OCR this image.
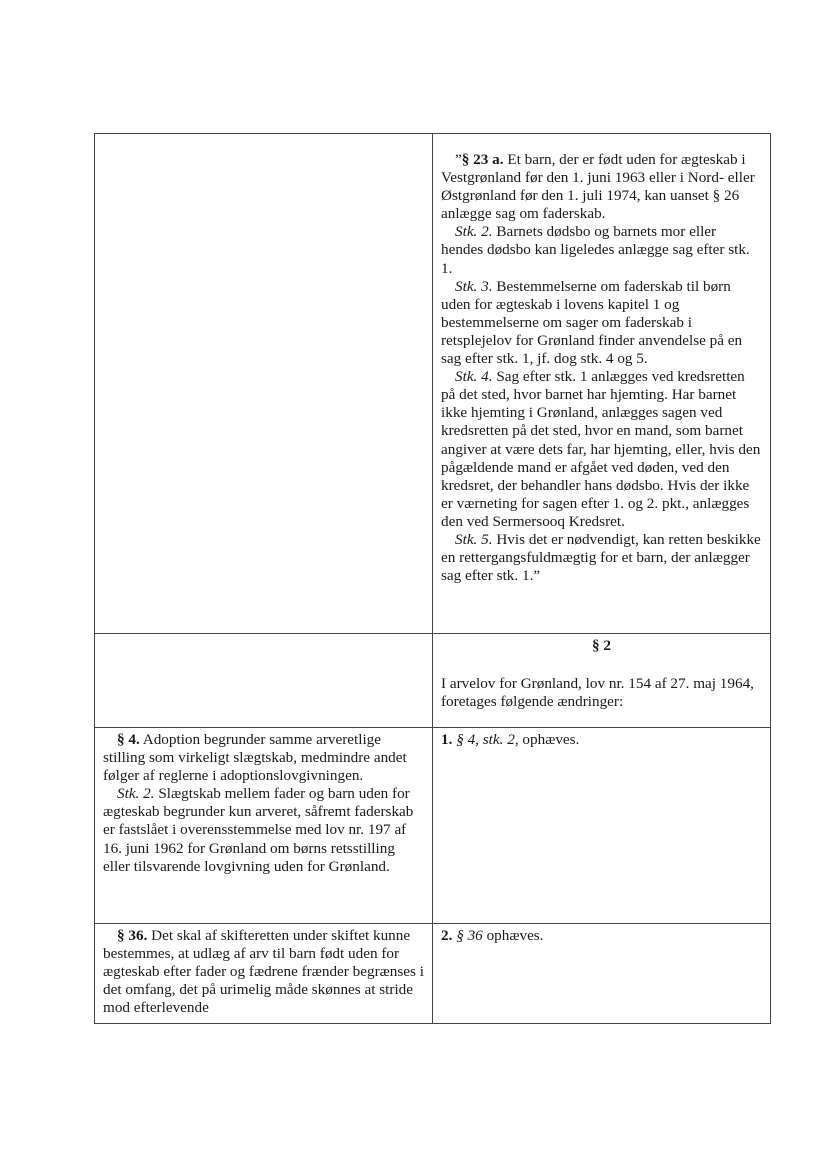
	”§ 23 a. Et barn, der er født uden for ægteskab i Vestgrønland før den 1. juni 1963 eller i Nord- eller Østgrønland før den 1. juli 1974, kan uanset § 26 anlægge sag om faderskab.

Stk. 2. Barnets dødsbo og barnets mor eller hendes dødsbo kan ligeledes anlægge sag efter stk. 1.

Stk. 3. Bestemmelserne om faderskab til børn uden for ægteskab i lovens kapitel 1 og bestemmelserne om sager om faderskab i retsplejelov for Grønland finder anvendelse på en sag efter stk. 1, jf. dog stk. 4 og 5.

Stk. 4. Sag efter stk. 1 anlægges ved kredsretten på det sted, hvor barnet har hjemting. Har barnet ikke hjemting i Grønland, anlægges sagen ved kredsretten på det sted, hvor en mand, som barnet angiver at være dets far, har hjemting, eller, hvis den pågældende mand er afgået ved døden, ved den kredsret, der behandler hans dødsbo. Hvis der ikke er værneting for sagen efter 1. og 2. pkt., anlægges den ved Sermersooq Kredsret.

Stk. 5. Hvis det er nødvendigt, kan retten beskikke en rettergangsfuldmægtig for et barn, der anlægger sag efter stk. 1.”

	§ 2

I arvelov for Grønland, lov nr. 154 af 27. maj 1964, foretages følgende ændringer:

§ 4. Adoption begrunder samme arveretlige stilling som virkeligt slægtskab, medmindre andet følger af reglerne i adoptionslovgivningen.

Stk. 2. Slægtskab mellem fader og barn uden for ægteskab begrunder kun arveret, såfremt faderskab er fastslået i overensstemmelse med lov nr. 197 af 16. juni 1962 for Grønland om børns retsstilling eller tilsvarende lovgivning uden for Grønland.	1. § 4, stk. 2, ophæves.

§ 36. Det skal af skifteretten under skiftet kunne bestemmes, at udlæg af arv til barn født uden for ægteskab efter fader og fædrene frænder begrænses i det omfang, det på urimelig måde skønnes at stride mod efterlevende	2. § 36 ophæves.
